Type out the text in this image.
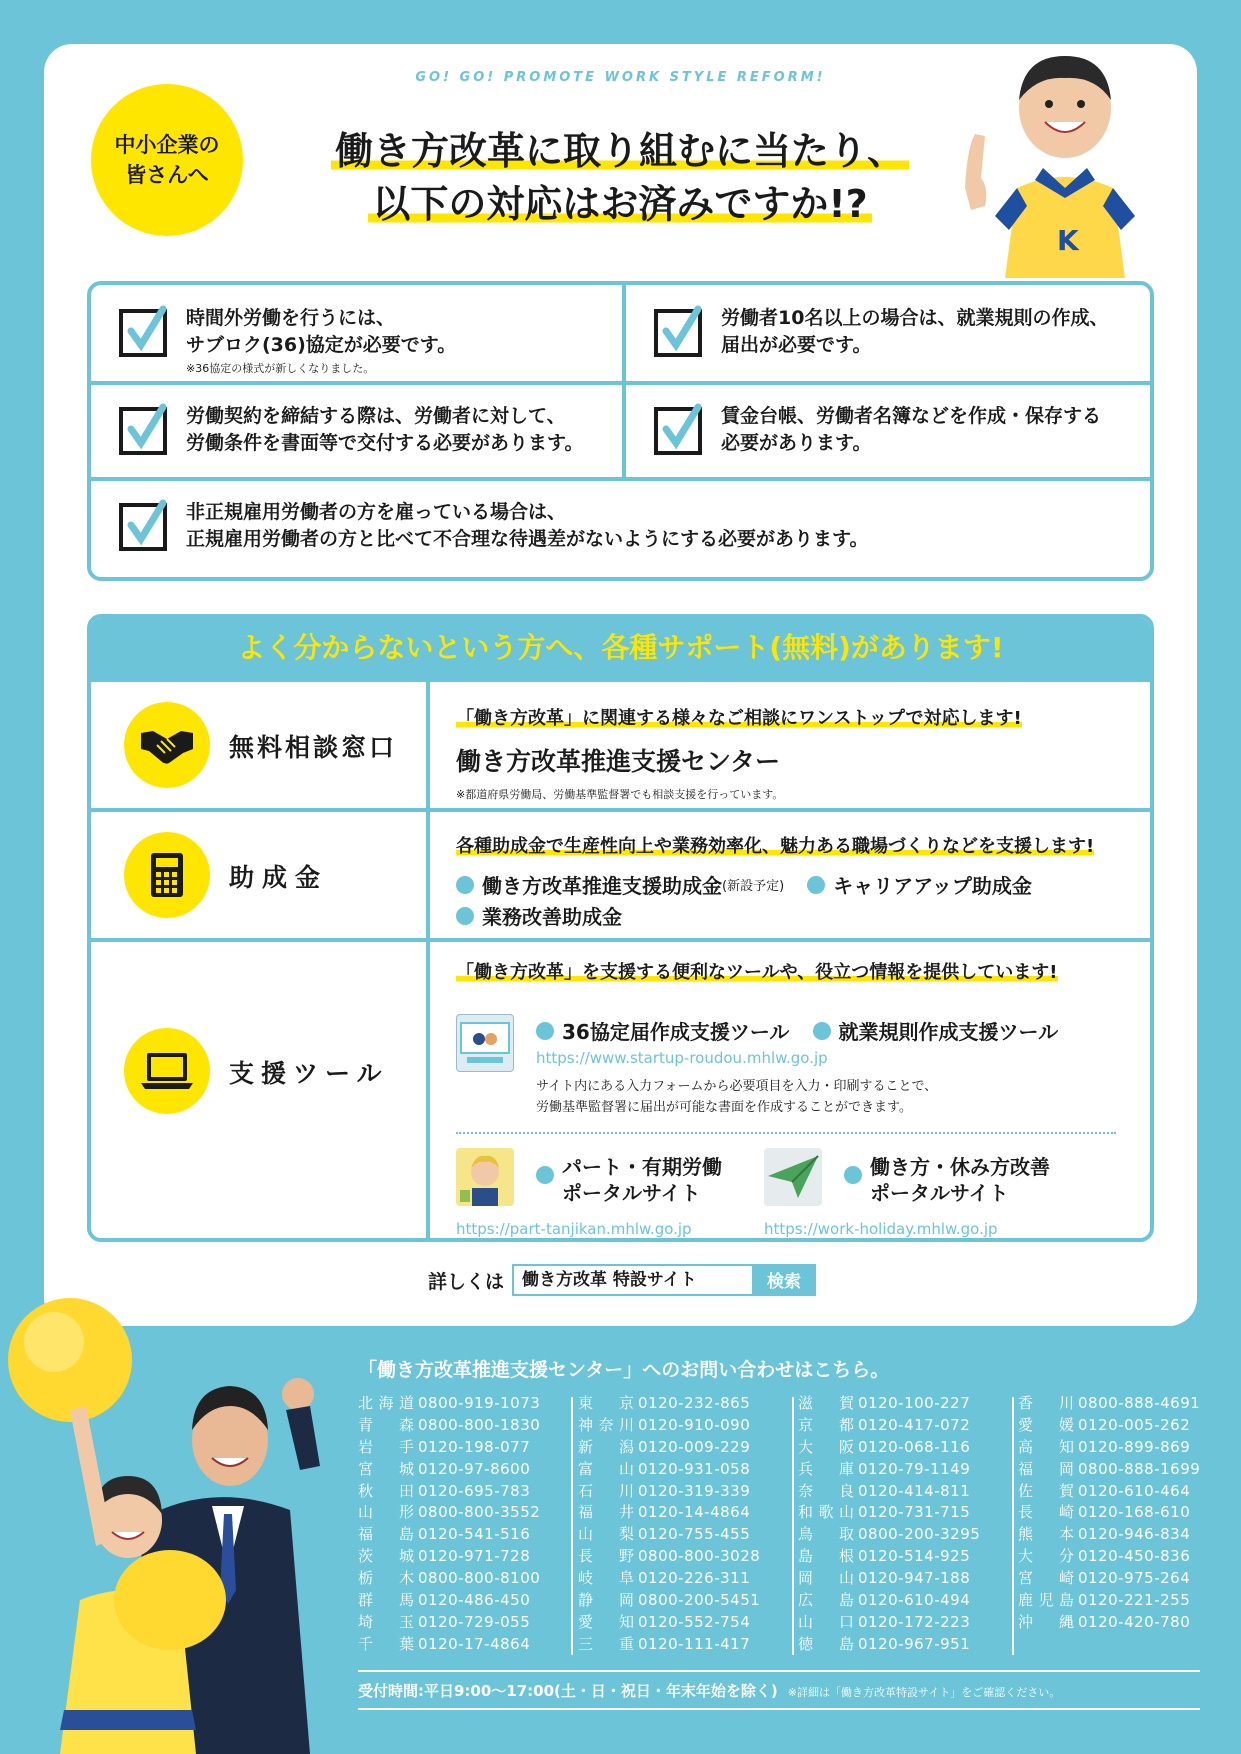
GO! GO! PROMOTE WORK STYLE REFORM!
中小企業の
皆さんへ
働き方改革に取り組むに当たり、
以下の対応はお済みですか!?
K
時間外労働を行うには、
サブロク(36)協定が必要です。
※36協定の様式が新しくなりました。
労働者10名以上の場合は、就業規則の作成、
届出が必要です。
労働契約を締結する際は、労働者に対して、
労働条件を書面等で交付する必要があります。
賃金台帳、労働者名簿などを作成・保存する
必要があります。
非正規雇用労働者の方を雇っている場合は、
正規雇用労働者の方と比べて不合理な待遇差がないようにする必要があります。
よく分からないという方へ、各種サポート(無料)があります!
無料相談窓口
「働き方改革」に関連する様々なご相談にワンストップで対応します!
働き方改革推進支援センター
※都道府県労働局、労働基準監督署でも相談支援を行っています。
助成金
各種助成金で生産性向上や業務効率化、魅力ある職場づくりなどを支援します!
働き方改革推進支援助成金 (新設予定)
キャリアアップ助成金
業務改善助成金
支援ツール
「働き方改革」を支援する便利なツールや、役立つ情報を提供しています!
36協定届作成支援ツール
就業規則作成支援ツール
https://www.startup-roudou.mhlw.go.jp
サイト内にある入力フォームから必要項目を入力・印刷することで、
労働基準監督署に届出が可能な書面を作成することができます。
パート・有期労働
ポータルサイト
https://part-tanjikan.mhlw.go.jp
働き方・休み方改善
ポータルサイト
https://work-holiday.mhlw.go.jp
詳しくは	働き方改革 特設サイト	検索
「働き方改革推進支援センター」へのお問い合わせはこちら。
北海道 0800-919-1073
青森 0800-800-1830
岩手 0120-198-077
宮城 0120-97-8600
秋田 0120-695-783
山形 0800-800-3552
福島 0120-541-516
茨城 0120-971-728
栃木 0800-800-8100
群馬 0120-486-450
埼玉 0120-729-055
千葉 0120-17-4864
東京 0120-232-865
神奈川 0120-910-090
新潟 0120-009-229
富山 0120-931-058
石川 0120-319-339
福井 0120-14-4864
山梨 0120-755-455
長野 0800-800-3028
岐阜 0120-226-311
静岡 0800-200-5451
愛知 0120-552-754
三重 0120-111-417
滋賀 0120-100-227
京都 0120-417-072
大阪 0120-068-116
兵庫 0120-79-1149
奈良 0120-414-811
和歌山 0120-731-715
鳥取 0800-200-3295
島根 0120-514-925
岡山 0120-947-188
広島 0120-610-494
山口 0120-172-223
徳島 0120-967-951
香川 0800-888-4691
愛媛 0120-005-262
高知 0120-899-869
福岡 0800-888-1699
佐賀 0120-610-464
長崎 0120-168-610
熊本 0120-946-834
大分 0120-450-836
宮崎 0120-975-264
鹿児島 0120-221-255
沖縄 0120-420-780
受付時間:平日9:00〜17:00(土・日・祝日・年末年始を除く) ※詳細は「働き方改革特設サイト」をご確認ください。
